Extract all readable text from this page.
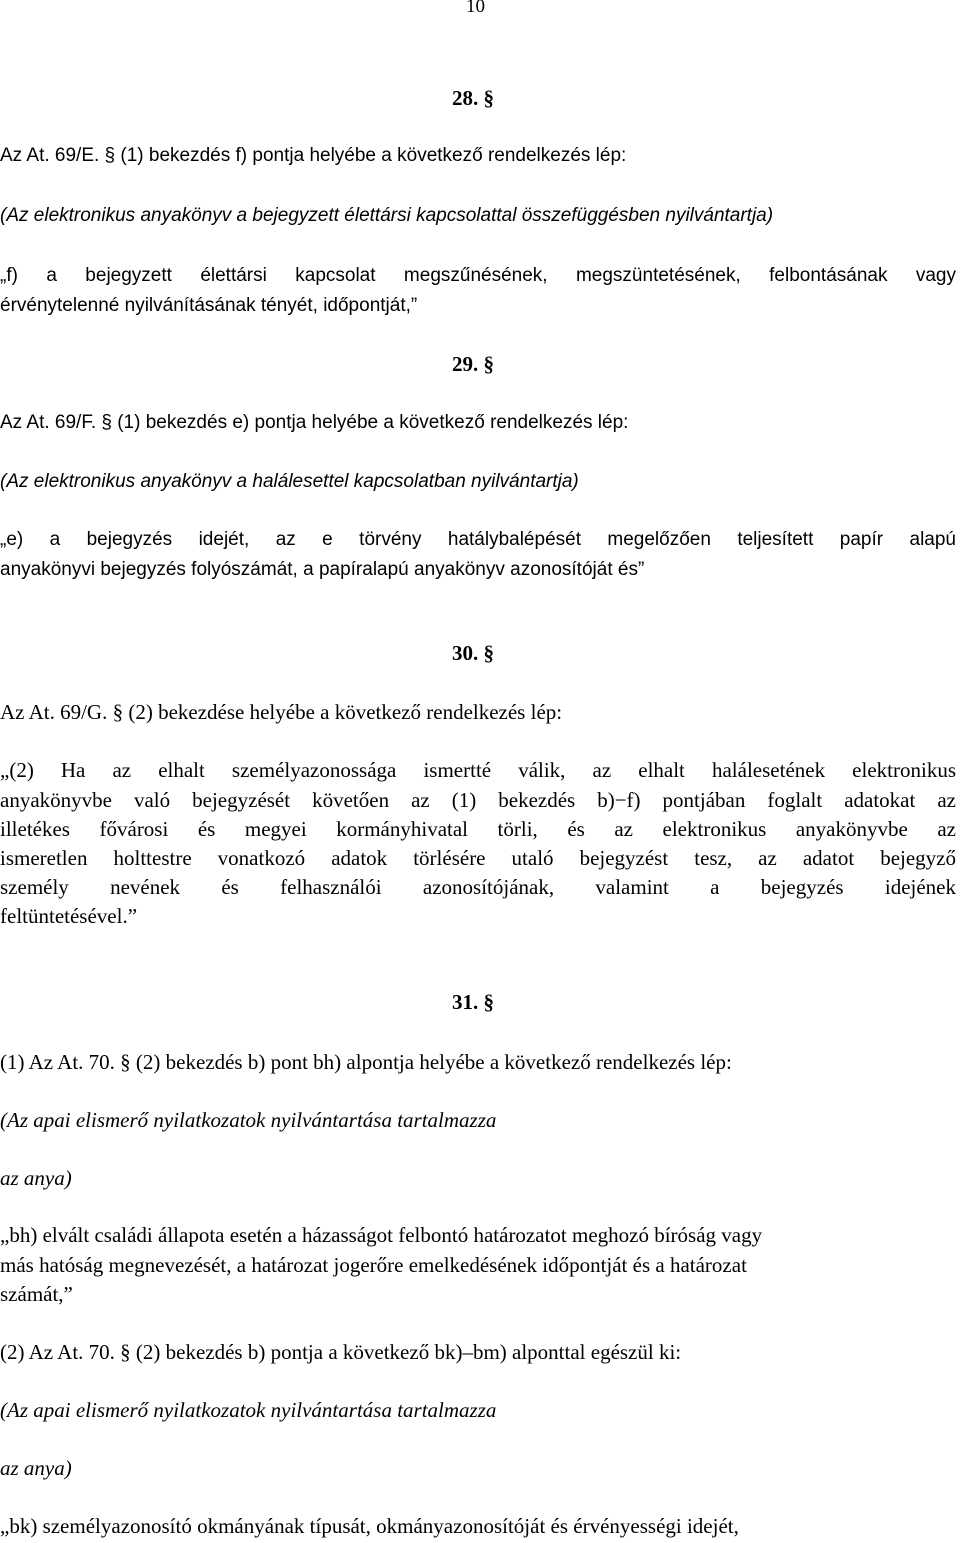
10
28. §
Az At. 69/E. § (1) bekezdés f) pontja helyébe a következő rendelkezés lép:
(Az elektronikus anyakönyv a bejegyzett élettársi kapcsolattal összefüggésben nyilvántartja)
„f) a bejegyzett élettársi kapcsolat megszűnésének, megszüntetésének, felbontásának vagy
érvénytelenné nyilvánításának tényét, időpontját,”
29. §
Az At. 69/F. § (1) bekezdés e) pontja helyébe a következő rendelkezés lép:
(Az elektronikus anyakönyv a halálesettel kapcsolatban nyilvántartja)
„e) a bejegyzés idejét, az e törvény hatálybalépését megelőzően teljesített papír alapú
anyakönyvi bejegyzés folyószámát, a papíralapú anyakönyv azonosítóját és”
30. §
Az At. 69/G. § (2) bekezdése helyébe a következő rendelkezés lép:
„(2) Ha az elhalt személyazonossága ismertté válik, az elhalt halálesetének elektronikus
anyakönyvbe való bejegyzését követően az (1) bekezdés b)−f) pontjában foglalt adatokat az
illetékes fővárosi és megyei kormányhivatal törli, és az elektronikus anyakönyvbe az
ismeretlen holttestre vonatkozó adatok törlésére utaló bejegyzést tesz, az adatot bejegyző
személy nevének és felhasználói azonosítójának, valamint a bejegyzés idejének
feltüntetésével.”
31. §
(1) Az At. 70. § (2) bekezdés b) pont bh) alpontja helyébe a következő rendelkezés lép:
(Az apai elismerő nyilatkozatok nyilvántartása tartalmazza
az anya)
„bh) elvált családi állapota esetén a házasságot felbontó határozatot meghozó bíróság vagy
más hatóság megnevezését, a határozat jogerőre emelkedésének időpontját és a határozat
számát,”
(2) Az At. 70. § (2) bekezdés b) pontja a következő bk)–bm) alponttal egészül ki:
(Az apai elismerő nyilatkozatok nyilvántartása tartalmazza
az anya)
„bk) személyazonosító okmányának típusát, okmányazonosítóját és érvényességi idejét,
